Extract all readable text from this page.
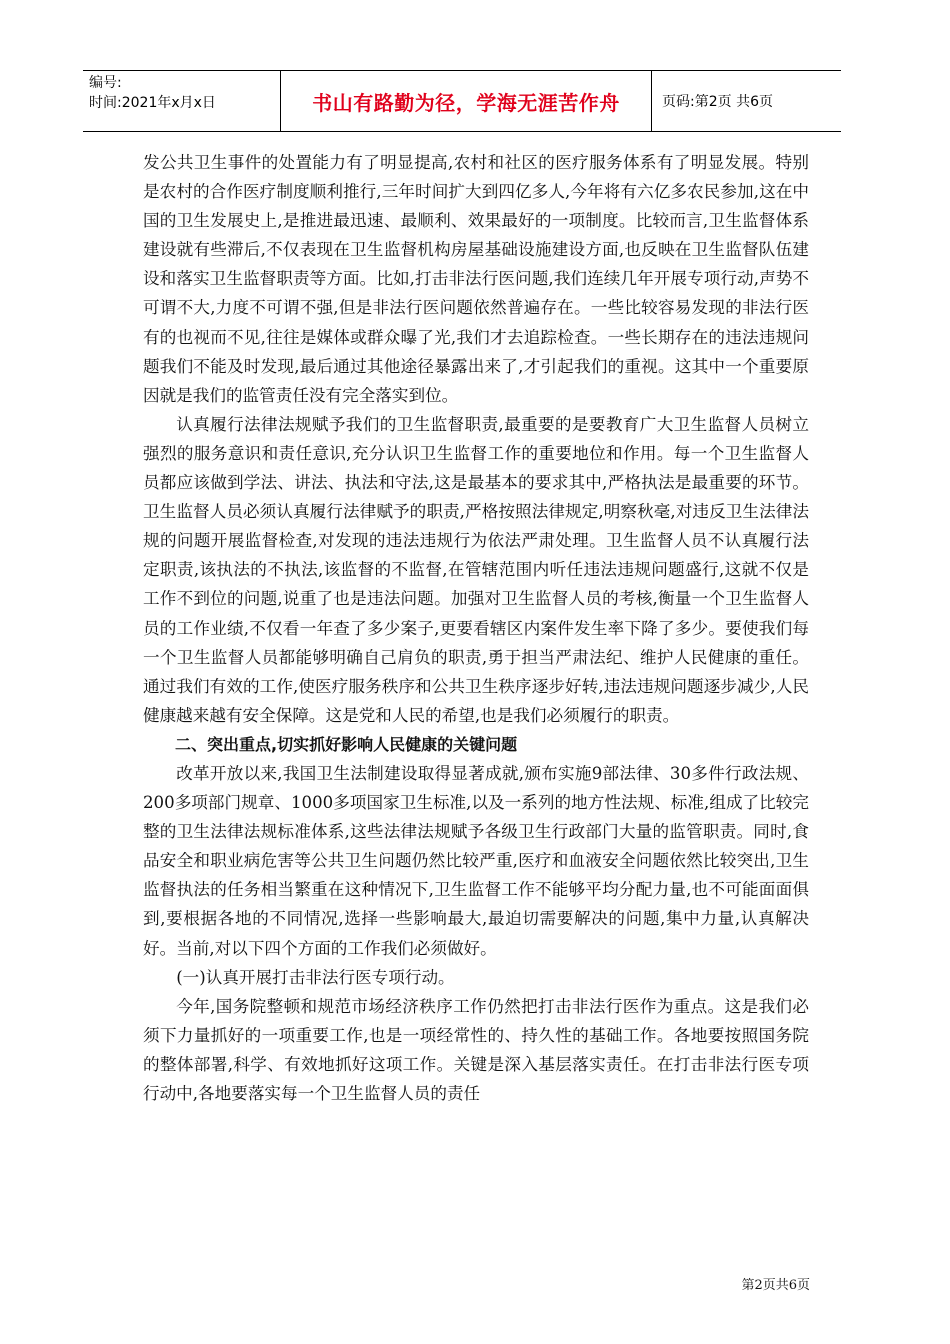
编号:
时间:2021年x月x日	书山有路勤为径，学海无涯苦作舟	页码:第2页 共6页

发公共卫生事件的处置能力有了明显提高,农村和社区的医疗服务体系有了明显发展。特别是农村的合作医疗制度顺利推行,三年时间扩大到四亿多人,今年将有六亿多农民参加,这在中国的卫生发展史上,是推进最迅速、最顺利、效果最好的一项制度。比较而言,卫生监督体系建设就有些滞后,不仅表现在卫生监督机构房屋基础设施建设方面,也反映在卫生监督队伍建设和落实卫生监督职责等方面。比如,打击非法行医问题,我们连续几年开展专项行动,声势不可谓不大,力度不可谓不强,但是非法行医问题依然普遍存在。一些比较容易发现的非法行医有的也视而不见,往往是媒体或群众曝了光,我们才去追踪检查。一些长期存在的违法违规问题我们不能及时发现,最后通过其他途径暴露出来了,才引起我们的重视。这其中一个重要原因就是我们的监管责任没有完全落实到位。

认真履行法律法规赋予我们的卫生监督职责,最重要的是要教育广大卫生监督人员树立强烈的服务意识和责任意识,充分认识卫生监督工作的重要地位和作用。每一个卫生监督人员都应该做到学法、讲法、执法和守法,这是最基本的要求其中,严格执法是最重要的环节。卫生监督人员必须认真履行法律赋予的职责,严格按照法律规定,明察秋毫,对违反卫生法律法规的问题开展监督检查,对发现的违法违规行为依法严肃处理。卫生监督人员不认真履行法定职责,该执法的不执法,该监督的不监督,在管辖范围内听任违法违规问题盛行,这就不仅是工作不到位的问题,说重了也是违法问题。加强对卫生监督人员的考核,衡量一个卫生监督人员的工作业绩,不仅看一年查了多少案子,更要看辖区内案件发生率下降了多少。要使我们每一个卫生监督人员都能够明确自己肩负的职责,勇于担当严肃法纪、维护人民健康的重任。通过我们有效的工作,使医疗服务秩序和公共卫生秩序逐步好转,违法违规问题逐步减少,人民健康越来越有安全保障。这是党和人民的希望,也是我们必须履行的职责。

二、突出重点,切实抓好影响人民健康的关键问题

改革开放以来,我国卫生法制建设取得显著成就,颁布实施9部法律、30多件行政法规、200多项部门规章、1000多项国家卫生标准,以及一系列的地方性法规、标准,组成了比较完整的卫生法律法规标准体系,这些法律法规赋予各级卫生行政部门大量的监管职责。同时,食品安全和职业病危害等公共卫生问题仍然比较严重,医疗和血液安全问题依然比较突出,卫生监督执法的任务相当繁重在这种情况下,卫生监督工作不能够平均分配力量,也不可能面面俱到,要根据各地的不同情况,选择一些影响最大,最迫切需要解决的问题,集中力量,认真解决好。当前,对以下四个方面的工作我们必须做好。

(一)认真开展打击非法行医专项行动。

今年,国务院整顿和规范市场经济秩序工作仍然把打击非法行医作为重点。这是我们必须下力量抓好的一项重要工作,也是一项经常性的、持久性的基础工作。各地要按照国务院的整体部署,科学、有效地抓好这项工作。关键是深入基层落实责任。在打击非法行医专项行动中,各地要落实每一个卫生监督人员的责任

第2页共6页
